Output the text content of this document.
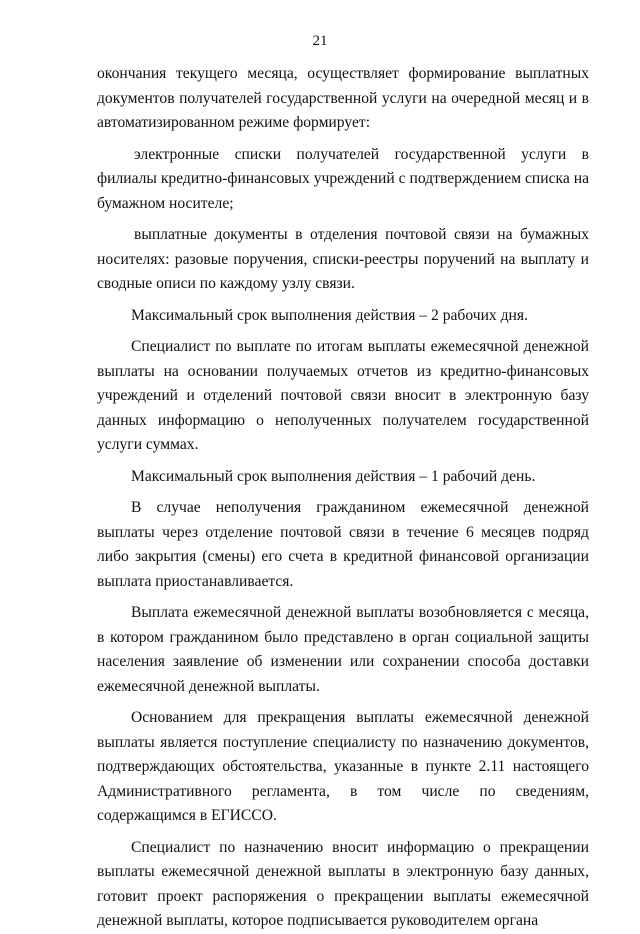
21

окончания текущего месяца, осуществляет формирование выплатных документов получателей государственной услуги на очередной месяц и в автоматизированном режиме формирует:

электронные списки получателей государственной услуги в филиалы кредитно-финансовых учреждений с подтверждением списка на бумажном носителе;

выплатные документы в отделения почтовой связи на бумажных носителях: разовые поручения, списки-реестры поручений на выплату и сводные описи по каждому узлу связи.

Максимальный срок выполнения действия – 2 рабочих дня.

Специалист по выплате по итогам выплаты ежемесячной денежной выплаты на основании получаемых отчетов из кредитно-финансовых учреждений и отделений почтовой связи вносит в электронную базу данных информацию о неполученных получателем государственной услуги суммах.

Максимальный срок выполнения действия – 1 рабочий день.

В случае неполучения гражданином ежемесячной денежной выплаты через отделение почтовой связи в течение 6 месяцев подряд либо закрытия (смены) его счета в кредитной финансовой организации выплата приостанавливается.

Выплата ежемесячной денежной выплаты возобновляется с месяца, в котором гражданином было представлено в орган социальной защиты населения заявление об изменении или сохранении способа доставки ежемесячной денежной выплаты.

Основанием для прекращения выплаты ежемесячной денежной выплаты является поступление специалисту по назначению документов, подтверждающих обстоятельства, указанные в пункте 2.11 настоящего Административного регламента, в том числе по сведениям, содержащимся в ЕГИССО.

Специалист по назначению вносит информацию о прекращении выплаты ежемесячной денежной выплаты в электронную базу данных, готовит проект распоряжения о прекращении выплаты ежемесячной денежной выплаты, которое подписывается руководителем органа
